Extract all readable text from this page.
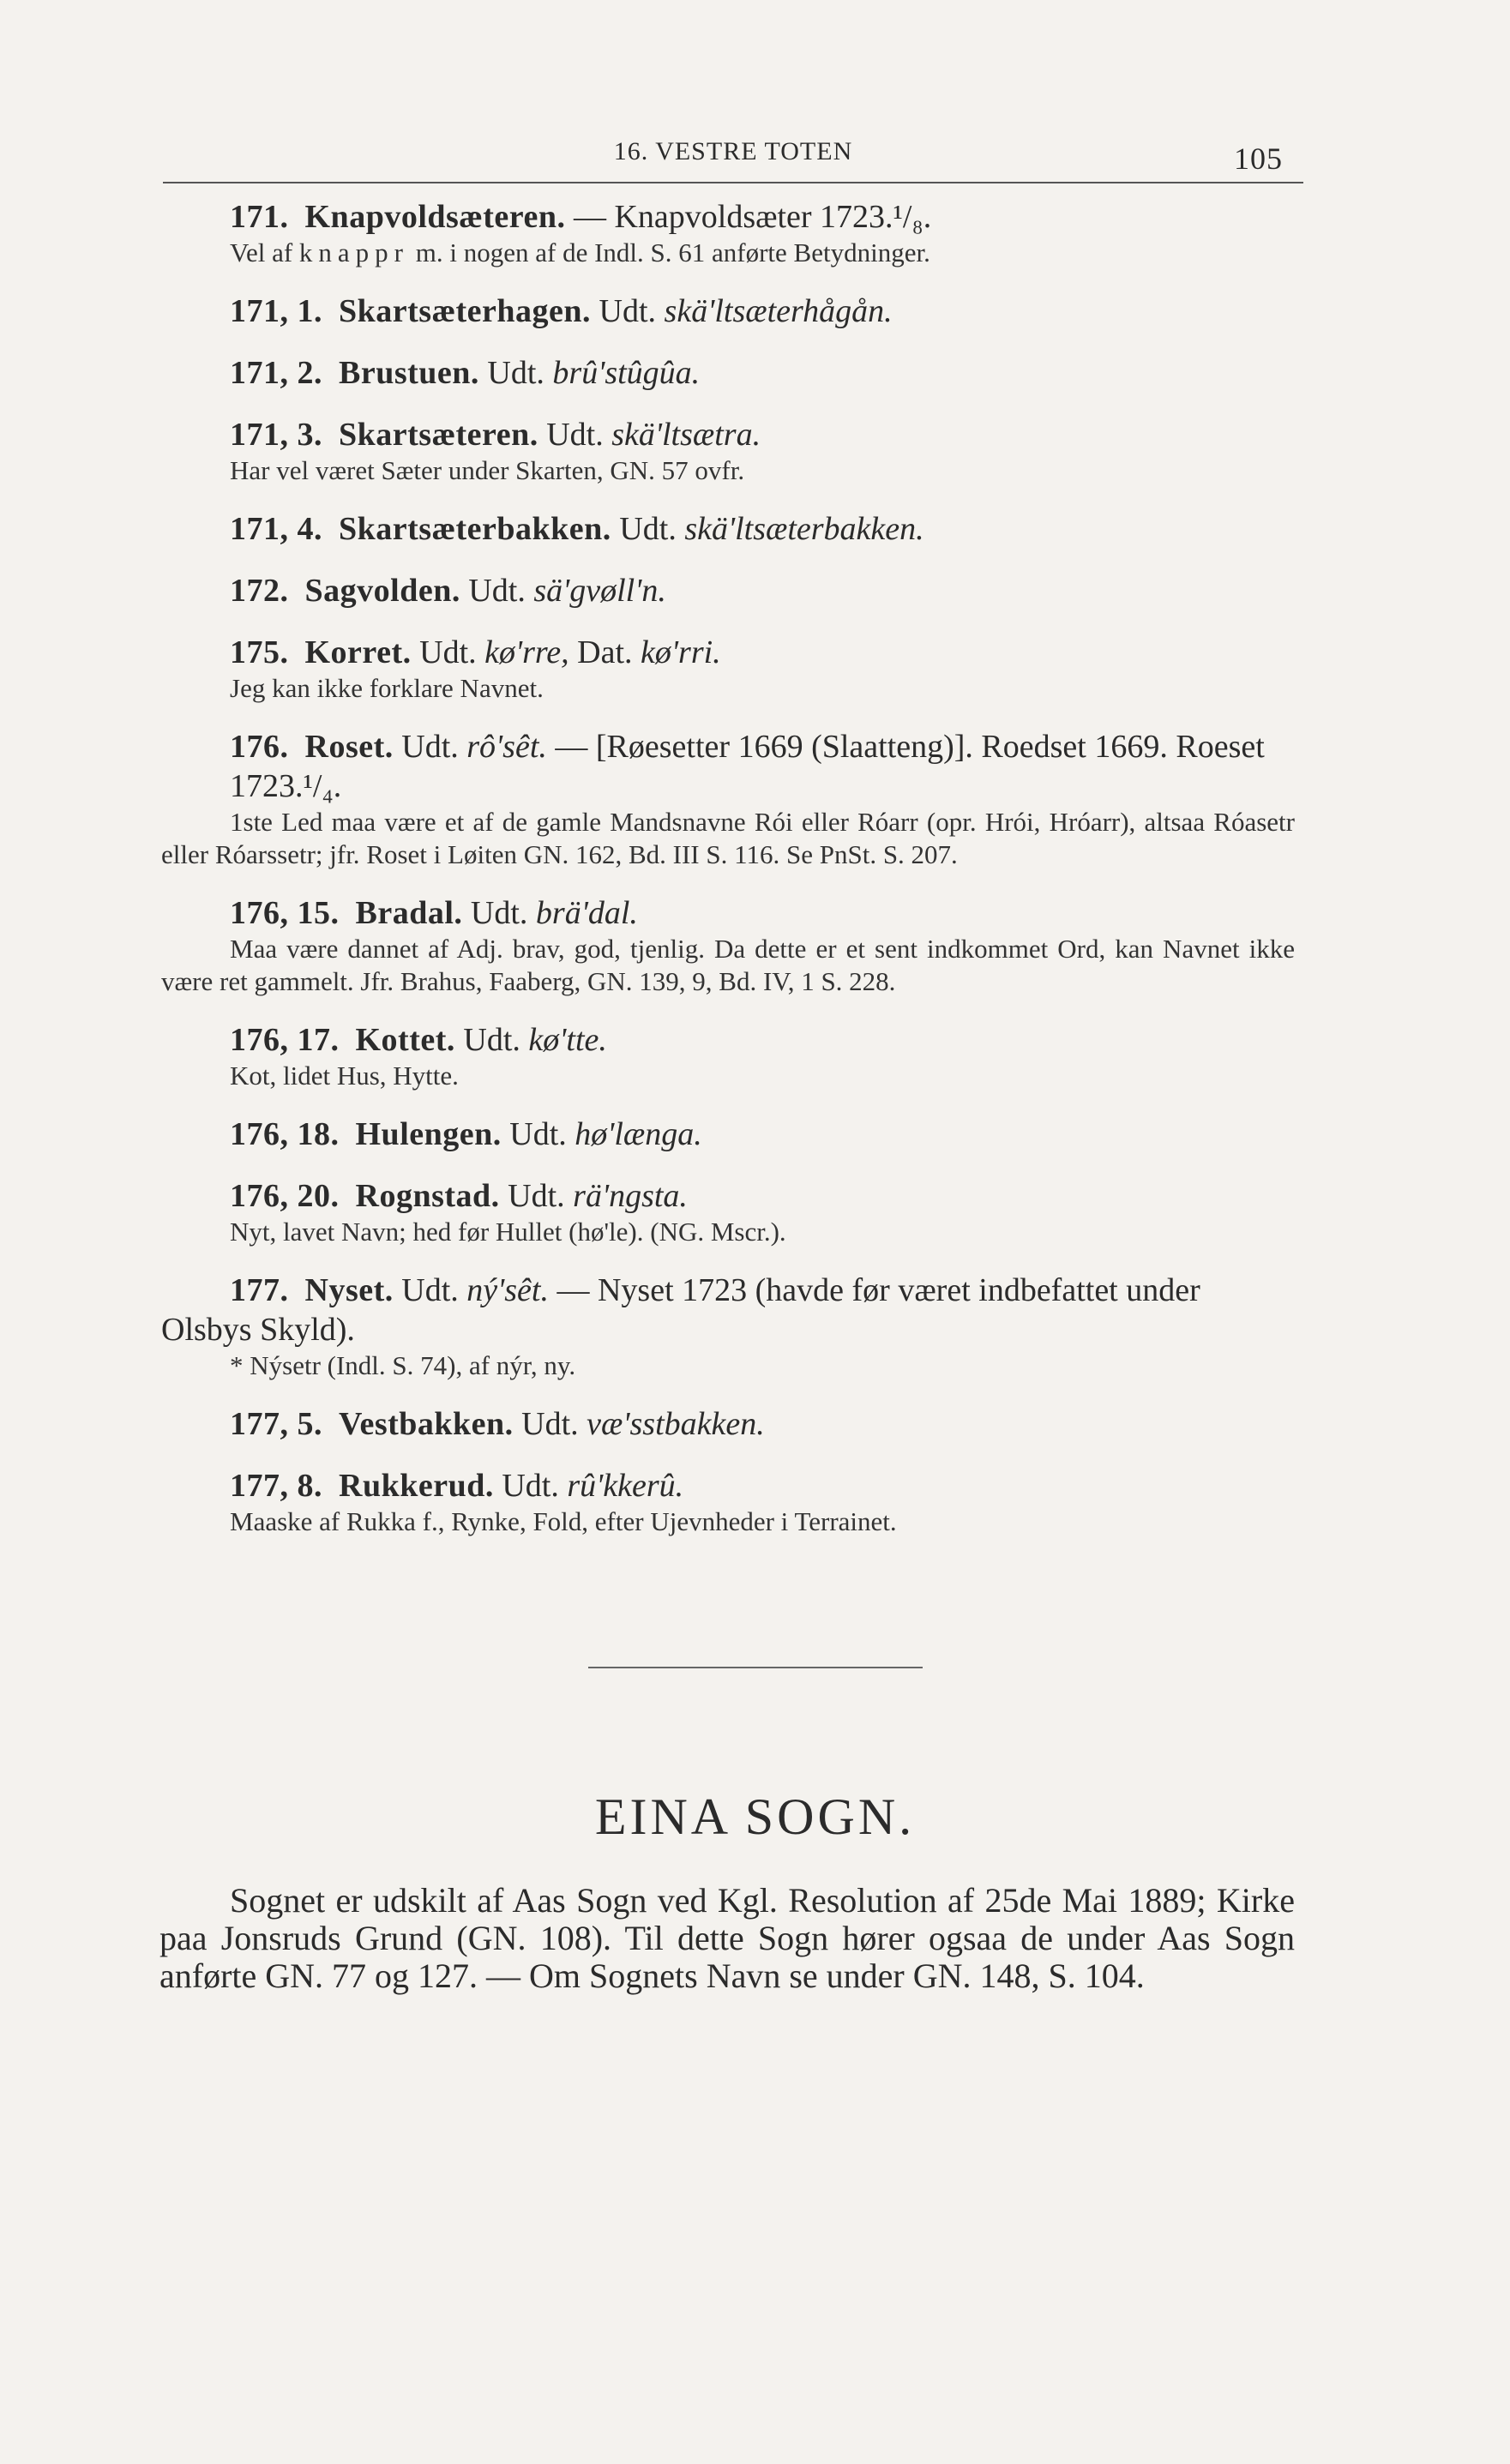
16. VESTRE TOTEN	105

171. Knapvoldsæteren. — Knapvoldsæter 1723.¹/₈.

Vel af knappr m. i nogen af de Indl. S. 61 anførte Betydninger.

171, 1. Skartsæterhagen. Udt. skä'ltsæterhågån.

171, 2. Brustuen. Udt. brû'stûgûa.

171, 3. Skartsæteren. Udt. skä'ltsætra.

Har vel været Sæter under Skarten, GN. 57 ovfr.

171, 4. Skartsæterbakken. Udt. skä'ltsæterbakken.

172. Sagvolden. Udt. sä'gvøll'n.

175. Korret. Udt. kø'rre, Dat. kø'rri.

Jeg kan ikke forklare Navnet.

176. Roset. Udt. rô'sêt. — [Røesetter 1669 (Slaatteng)]. Roedset 1669. Roeset 1723.¹/₄.

1ste Led maa være et af de gamle Mandsnavne Rói eller Róarr (opr. Hrói, Hróarr), altsaa Róasetr eller Róarssetr; jfr. Roset i Løiten GN. 162, Bd. III S. 116. Se PnSt. S. 207.

176, 15. Bradal. Udt. brä'dal.

Maa være dannet af Adj. brav, god, tjenlig. Da dette er et sent indkommet Ord, kan Navnet ikke være ret gammelt. Jfr. Brahus, Faaberg, GN. 139, 9, Bd. IV, 1 S. 228.

176, 17. Kottet. Udt. kø'tte.

Kot, lidet Hus, Hytte.

176, 18. Hulengen. Udt. hø'længa.

176, 20. Rognstad. Udt. rä'ngsta.

Nyt, lavet Navn; hed før Hullet (hø'le). (NG. Mscr.).

177. Nyset. Udt. ný'sêt. — Nyset 1723 (havde før været indbefattet under Olsbys Skyld).

* Nýsetr (Indl. S. 74), af nýr, ny.

177, 5. Vestbakken. Udt. væ'sstbakken.

177, 8. Rukkerud. Udt. rû'kkerû.

Maaske af Rukka f., Rynke, Fold, efter Ujevnheder i Terrainet.

EINA SOGN.

Sognet er udskilt af Aas Sogn ved Kgl. Resolution af 25de Mai 1889; Kirke paa Jonsruds Grund (GN. 108). Til dette Sogn hører ogsaa de under Aas Sogn anførte GN. 77 og 127. — Om Sognets Navn se under GN. 148, S. 104.
